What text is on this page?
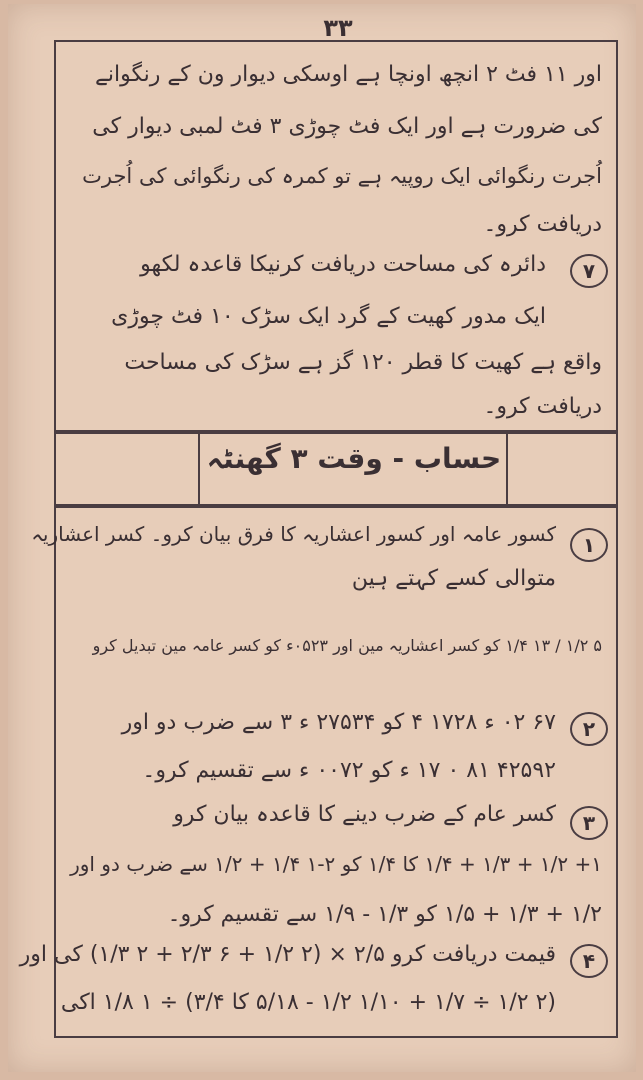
۳۳
اور ۱۱ فٹ ۲ انچھ اونچا ہے اوسکی دیوار ون کے رنگوانے
کی ضرورت ہے اور ایک فٹ چوڑی ۳ فٹ لمبی دیوار کی
اُجرت رنگوائی ایک روپیہ ہے تو کمرہ کی رنگوائی کی اُجرت
دریافت کرو۔
دائرہ کی مساحت دریافت کرنیکا قاعدہ لکھو	۷
ایک مدور کھیت کے گرد ایک سڑک ۱۰ فٹ چوڑی
واقع ہے کھیت کا قطر ۱۲۰ گز ہے سڑک کی مساحت
دریافت کرو۔
حساب - وقت ۳ گھنٹہ
۱
کسور عامہ اور کسور اعشاریہ کا فرق بیان کرو۔ کسر اعشاریہ
متوالی کسے کہتے ہین
۵ ۱/۲ / ۱۳ ۱/۴ کو کسر اعشاریہ مین اور ۰۵۲۳ء کو کسر عامہ مین تبدیل کرو
۲
۶۷ ۰۲ ء ۱۷۲۸ ۴ کو ۲۷۵۳۴ ء ۳ سے ضرب دو اور
۴۲۵۹۲ ۸۱ ۰ ۱۷ ء کو ۰۰۷۲ ء سے تقسیم کرو۔
۳
کسر عام کے ضرب دینے کا قاعدہ بیان کرو
۱+ ۱/۲ + ۱/۳ + ۱/۴ کا ۱/۴ کو ۲-۱ ۱/۴ + ۱/۲ سے ضرب دو اور
۱/۲ + ۱/۳ + ۱/۵ کو ۱/۳ - ۱/۹ سے تقسیم کرو۔
۴
قیمت دریافت کرو ۲/۵ × (۲ ۱/۲ + ۶ ۲/۳ + ۲ ۱/۳) کی اور
(۲ ۱/۲ ÷ ۱/۷ + ۱/۱۰ ۱/۲ - ۵/۱۸ کا ۳/۴) ÷ ۱ ۱/۸ اکی
